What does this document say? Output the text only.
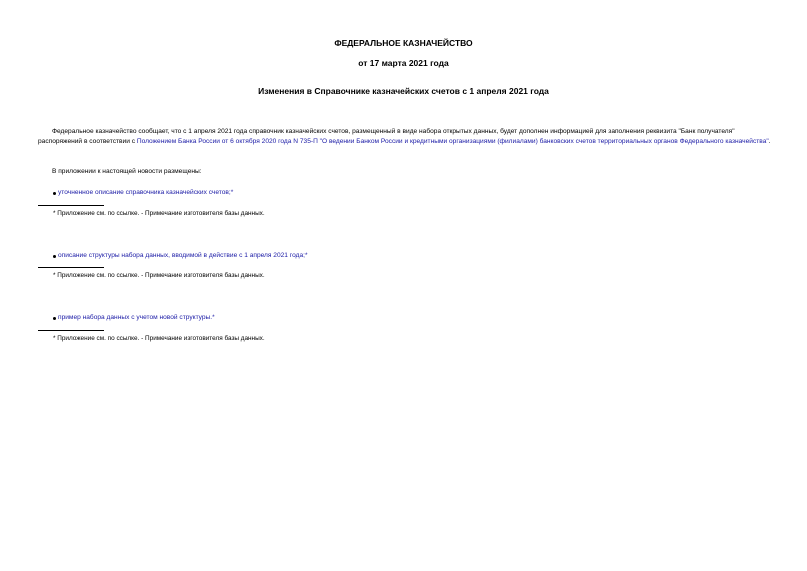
ФЕДЕРАЛЬНОЕ КАЗНАЧЕЙСТВО
от 17 марта 2021 года
Изменения в Справочнике казначейских счетов с 1 апреля 2021 года
Федеральное казначейство сообщает, что с 1 апреля 2021 года справочник казначейских счетов, размещенный в виде набора открытых данных, будет дополнен информацией для заполнения реквизита "Банк получателя" распоряжений в соответствии с Положением Банка России от 6 октября 2020 года N 735-П "О ведении Банком России и кредитными организациями (филиалами) банковских счетов территориальных органов Федерального казначейства".
В приложении к настоящей новости размещены:
уточненное описание справочника казначейских счетов;*
* Приложение см. по ссылке. - Примечание изготовителя базы данных.
описание структуры набора данных, вводимой в действие с 1 апреля 2021 года;*
* Приложение см. по ссылке. - Примечание изготовителя базы данных.
пример набора данных с учетом новой структуры.*
* Приложение см. по ссылке. - Примечание изготовителя базы данных.
